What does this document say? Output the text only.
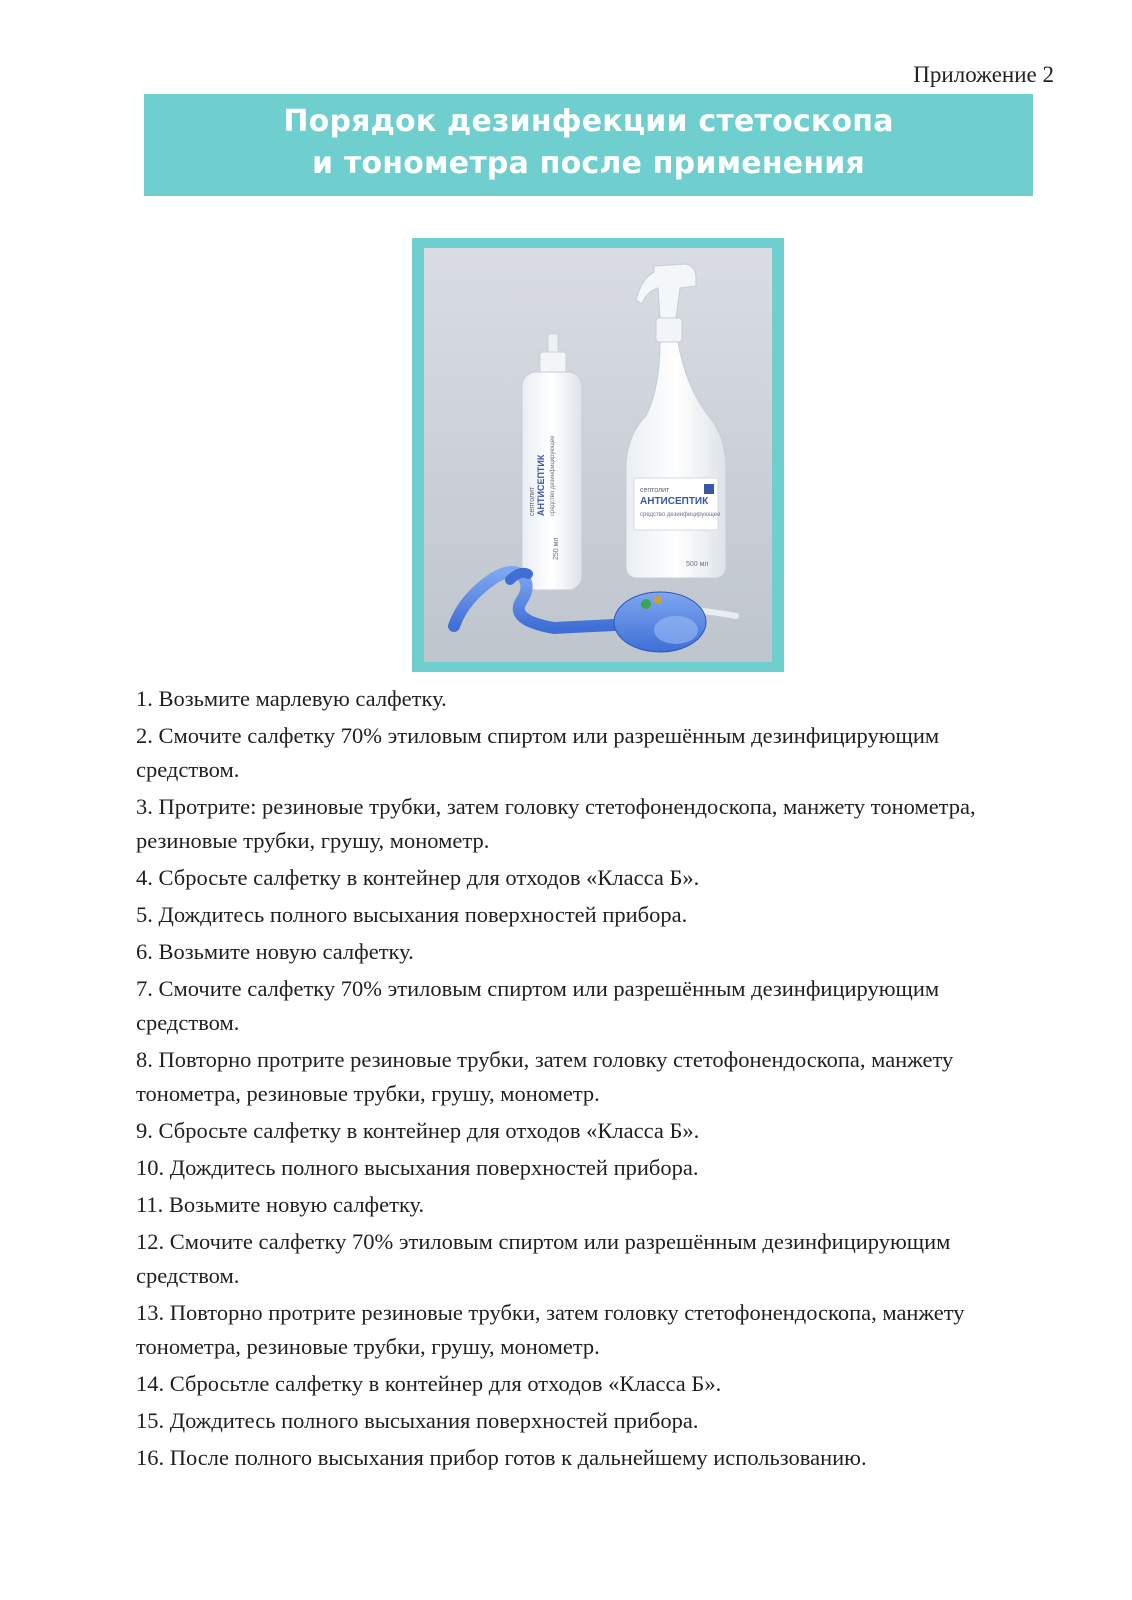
Приложение 2
Порядок дезинфекции стетоскопа
и тонометра после применения
септолит АНТИСЕПТИК средство дезинфицирующее
250 мл
септолит
АНТИСЕПТИК
средство дезинфицирующее
500 мл
1. Возьмите марлевую салфетку.
2. Смочите салфетку 70% этиловым спиртом или разрешённым дезинфицирующим средством.
3. Протрите: резиновые трубки, затем головку стетофонендоскопа, манжету тонометра, резиновые трубки, грушу, монометр.
4. Сбросьте салфетку в контейнер для отходов «Класса Б».
5. Дождитесь полного высыхания поверхностей прибора.
6. Возьмите новую салфетку.
7. Смочите салфетку 70% этиловым спиртом или разрешённым дезинфицирующим средством.
8. Повторно протрите резиновые трубки, затем головку стетофонендоскопа, манжету тонометра, резиновые трубки, грушу, монометр.
9. Сбросьте салфетку в контейнер для отходов «Класса Б».
10. Дождитесь полного высыхания поверхностей прибора.
11. Возьмите новую салфетку.
12. Смочите салфетку 70% этиловым спиртом или разрешённым дезинфицирующим средством.
13. Повторно протрите резиновые трубки, затем головку стетофонендоскопа, манжету тонометра, резиновые трубки, грушу, монометр.
14. Сбросьтле салфетку в контейнер для отходов «Класса Б».
15. Дождитесь полного высыхания поверхностей прибора.
16. После полного высыхания прибор готов к дальнейшему использованию.
